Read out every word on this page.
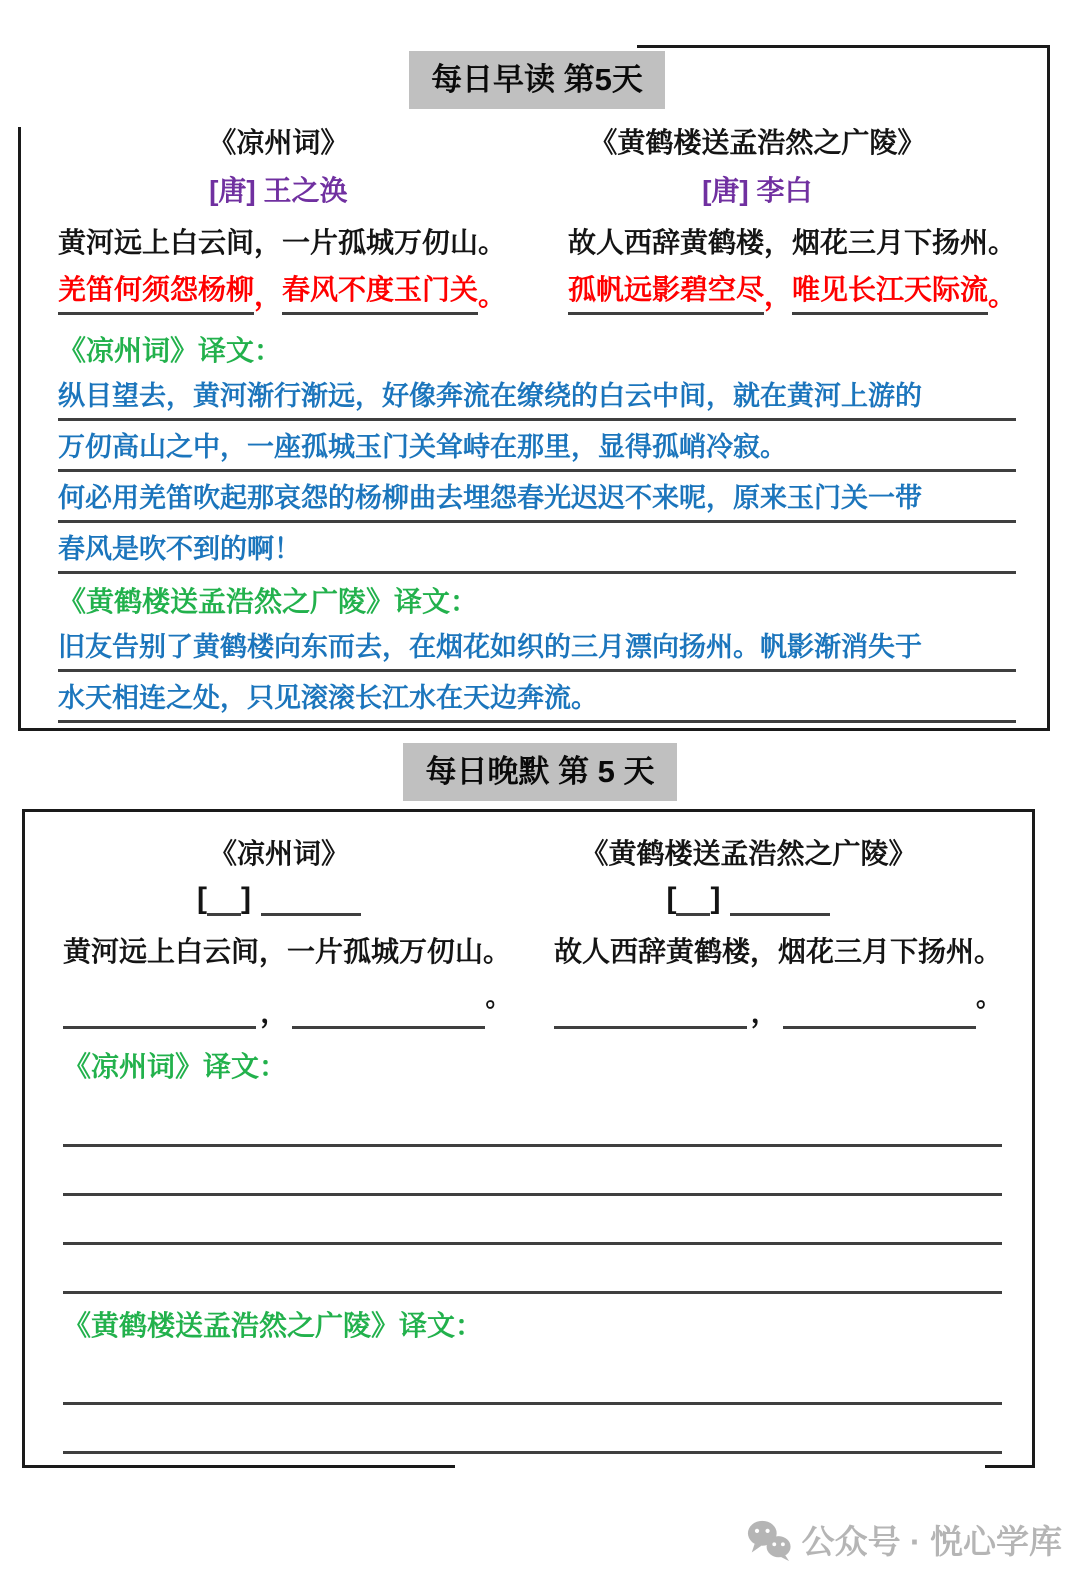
每日早读 第5天
《凉州词》	《黄鹤楼送孟浩然之广陵》
[唐] 王之涣	[唐] 李白
黄河远上白云间，一片孤城万仞山。 故人西辞黄鹤楼，烟花三月下扬州。
羌笛何须怨杨柳 ， 春风不度玉门关 。 孤帆远影碧空尽 ， 唯见长江天际流 。
《凉州词》译文：
纵目望去，黄河渐行渐远，好像奔流在缭绕的白云中间，就在黄河上游的
万仞高山之中，一座孤城玉门关耸峙在那里，显得孤峭冷寂。
何必用羌笛吹起那哀怨的杨柳曲去埋怨春光迟迟不来呢，原来玉门关一带
春风是吹不到的啊！
《黄鹤楼送孟浩然之广陵》译文：
旧友告别了黄鹤楼向东而去，在烟花如织的三月漂向扬州。帆影渐消失于
水天相连之处，只见滚滚长江水在天边奔流。
每日晚默 第 5 天
《凉州词》	《黄鹤楼送孟浩然之广陵》
[ ]	[ ]
黄河远上白云间，一片孤城万仞山。 故人西辞黄鹤楼，烟花三月下扬州。
，	。	，	。
《凉州词》译文：
《黄鹤楼送孟浩然之广陵》译文：
公众号 · 悦心学库
